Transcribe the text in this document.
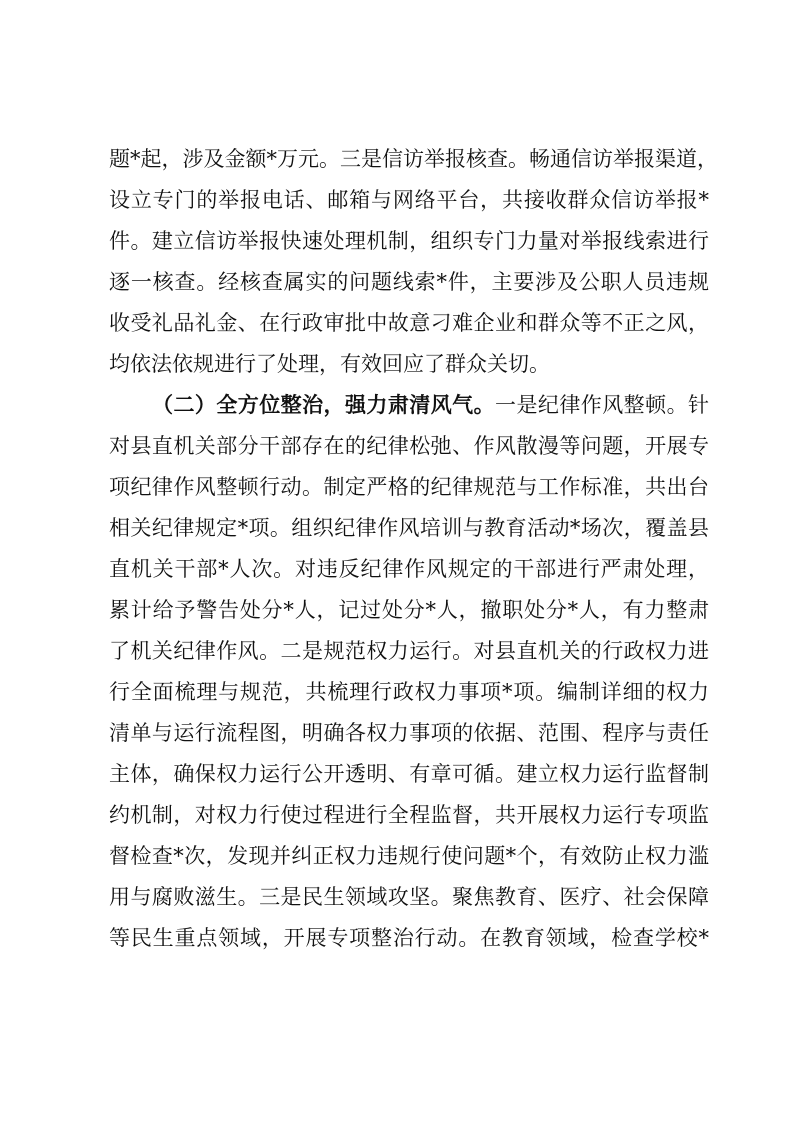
题*起，涉及金额*万元。三是信访举报核查。畅通信访举报渠道，
设立专门的举报电话、邮箱与网络平台，共接收群众信访举报*
件。建立信访举报快速处理机制，组织专门力量对举报线索进行
逐一核查。经核查属实的问题线索*件，主要涉及公职人员违规
收受礼品礼金、在行政审批中故意刁难企业和群众等不正之风，
均依法依规进行了处理，有效回应了群众关切。
（二）全方位整治，强力肃清风气。一是纪律作风整顿。针
对县直机关部分干部存在的纪律松弛、作风散漫等问题，开展专
项纪律作风整顿行动。制定严格的纪律规范与工作标准，共出台
相关纪律规定*项。组织纪律作风培训与教育活动*场次，覆盖县
直机关干部*人次。对违反纪律作风规定的干部进行严肃处理，
累计给予警告处分*人，记过处分*人，撤职处分*人，有力整肃
了机关纪律作风。二是规范权力运行。对县直机关的行政权力进
行全面梳理与规范，共梳理行政权力事项*项。编制详细的权力
清单与运行流程图，明确各权力事项的依据、范围、程序与责任
主体，确保权力运行公开透明、有章可循。建立权力运行监督制
约机制，对权力行使过程进行全程监督，共开展权力运行专项监
督检查*次，发现并纠正权力违规行使问题*个，有效防止权力滥
用与腐败滋生。三是民生领域攻坚。聚焦教育、医疗、社会保障
等民生重点领域，开展专项整治行动。在教育领域，检查学校*
